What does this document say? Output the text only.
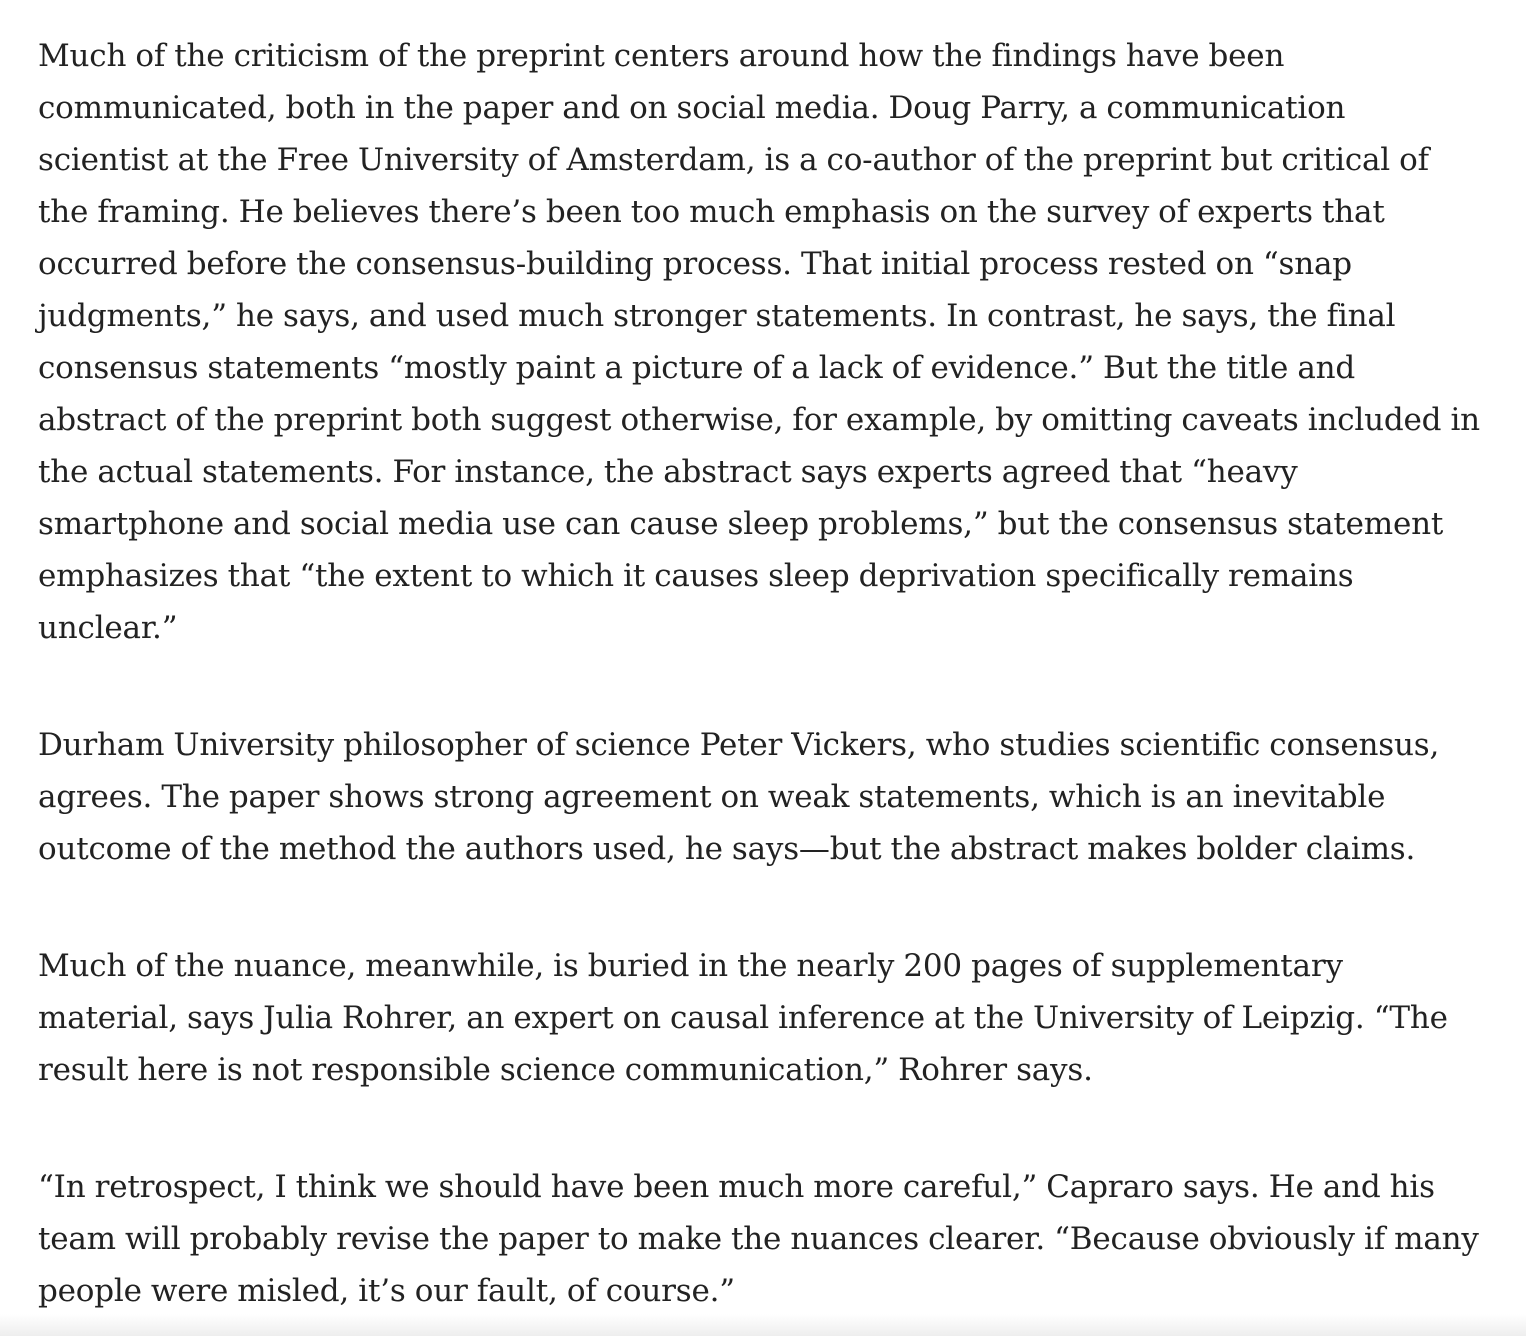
Much of the criticism of the preprint centers around how the findings have been communicated, both in the paper and on social media. Doug Parry, a communication scientist at the Free University of Amsterdam, is a co-author of the preprint but critical of the framing. He believes there’s been too much emphasis on the survey of experts that occurred before the consensus-building process. That initial process rested on “snap judgments,” he says, and used much stronger statements. In contrast, he says, the final consensus statements “mostly paint a picture of a lack of evidence.” But the title and abstract of the preprint both suggest otherwise, for example, by omitting caveats included in the actual statements. For instance, the abstract says experts agreed that “heavy smartphone and social media use can cause sleep problems,” but the consensus statement emphasizes that “the extent to which it causes sleep deprivation specifically remains unclear.”

Durham University philosopher of science Peter Vickers, who studies scientific consensus, agrees. The paper shows strong agreement on weak statements, which is an inevitable outcome of the method the authors used, he says—but the abstract makes bolder claims.

Much of the nuance, meanwhile, is buried in the nearly 200 pages of supplementary material, says Julia Rohrer, an expert on causal inference at the University of Leipzig. “The result here is not responsible science communication,” Rohrer says.

“In retrospect, I think we should have been much more careful,” Capraro says. He and his team will probably revise the paper to make the nuances clearer. “Because obviously if many people were misled, it’s our fault, of course.”
